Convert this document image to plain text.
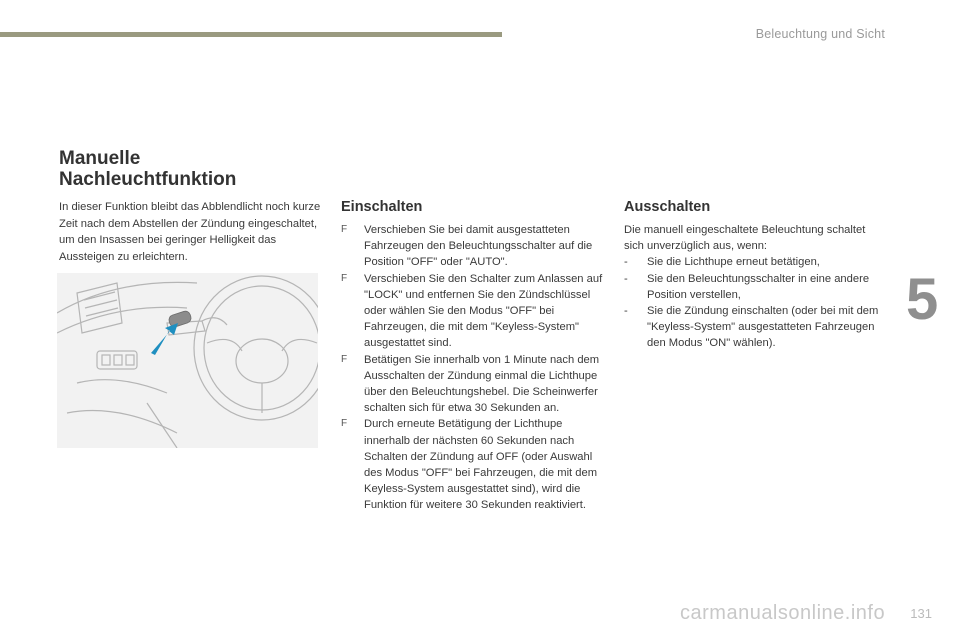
Beleuchtung und Sicht
Manuelle
Nachleuchtfunktion
In dieser Funktion bleibt das Abblendlicht noch kurze Zeit nach dem Abstellen der Zündung eingeschaltet, um den Insassen bei geringer Helligkeit das Aussteigen zu erleichtern.
Einschalten
F Verschieben Sie bei damit ausgestatteten Fahrzeugen den Beleuchtungsschalter auf die Position "OFF" oder "AUTO".

F Verschieben Sie den Schalter zum Anlassen auf "LOCK" und entfernen Sie den Zündschlüssel oder wählen Sie den Modus "OFF" bei Fahrzeugen, die mit dem "Keyless-System" ausgestattet sind.

F Betätigen Sie innerhalb von 1 Minute nach dem Ausschalten der Zündung einmal die Lichthupe über den Beleuchtungshebel. Die Scheinwerfer schalten sich für etwa 30 Sekunden an.

F Durch erneute Betätigung der Lichthupe innerhalb der nächsten 60 Sekunden nach Schalten der Zündung auf OFF (oder Auswahl des Modus "OFF" bei Fahrzeugen, die mit dem Keyless-System ausgestattet sind), wird die Funktion für weitere 30 Sekunden reaktiviert.

Ausschalten

Die manuell eingeschaltete Beleuchtung schaltet sich unverzüglich aus, wenn:

- Sie die Lichthupe erneut betätigen,

- Sie den Beleuchtungsschalter in eine andere Position verstellen,

- Sie die Zündung einschalten (oder bei mit dem "Keyless-System" ausgestatteten Fahrzeugen den Modus "ON" wählen).

5
carmanualsonline.info 131
